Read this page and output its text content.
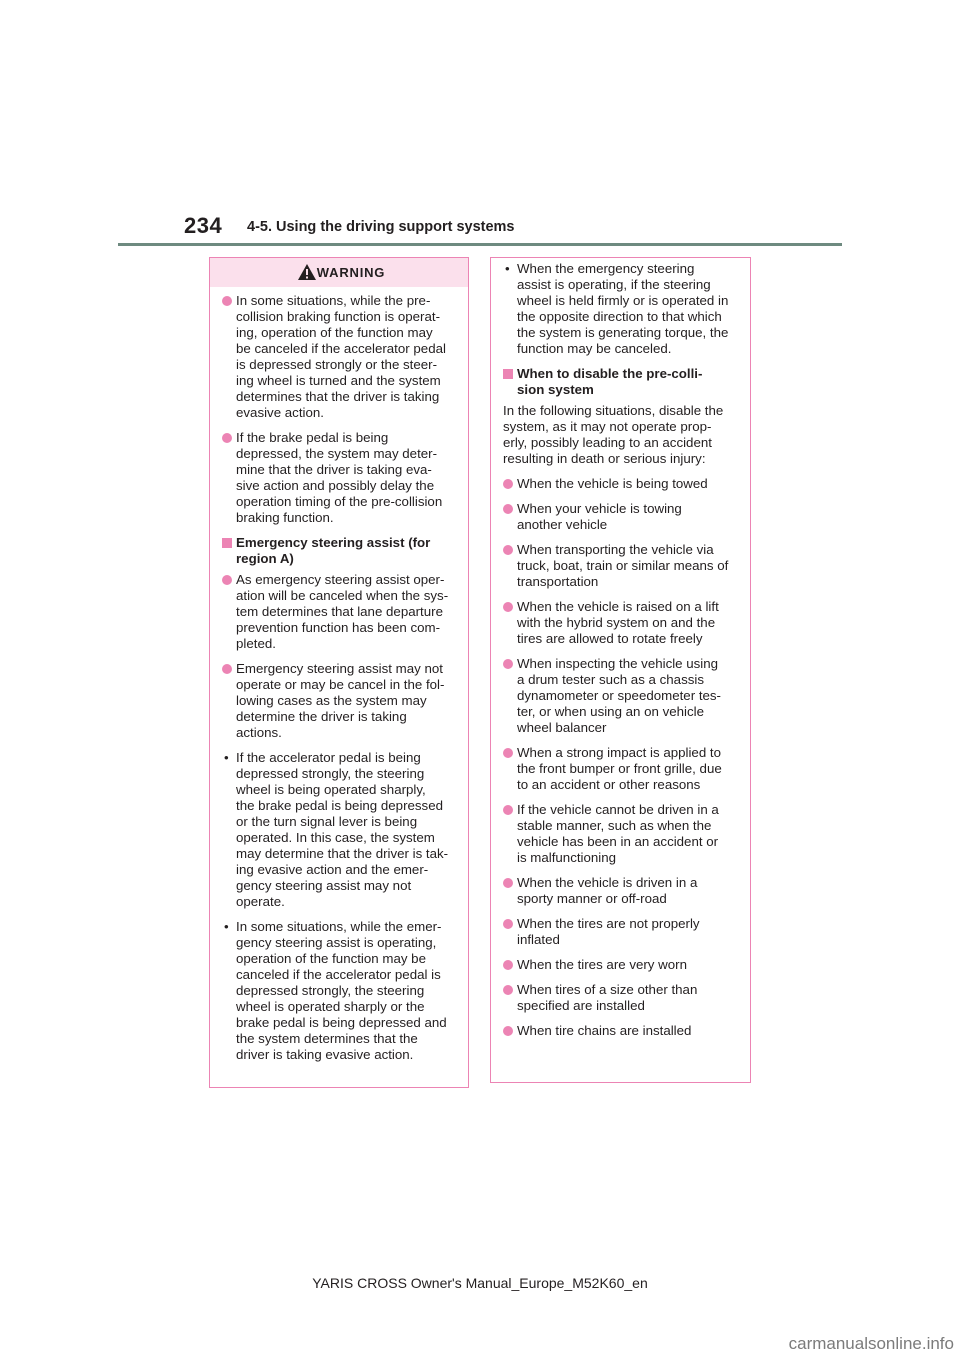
234 4-5. Using the driving support systems
WARNING
In some situations, while the pre-
collision braking function is operat-
ing, operation of the function may
be canceled if the accelerator pedal
is depressed strongly or the steer-
ing wheel is turned and the system
determines that the driver is taking
evasive action.
If the brake pedal is being
depressed, the system may deter-
mine that the driver is taking eva-
sive action and possibly delay the
operation timing of the pre-collision
braking function.
Emergency steering assist (for
region A)
As emergency steering assist oper-
ation will be canceled when the sys-
tem determines that lane departure
prevention function has been com-
pleted.
Emergency steering assist may not
operate or may be cancel in the fol-
lowing cases as the system may
determine the driver is taking
actions.
• If the accelerator pedal is being
depressed strongly, the steering
wheel is being operated sharply,
the brake pedal is being depressed
or the turn signal lever is being
operated. In this case, the system
may determine that the driver is tak-
ing evasive action and the emer-
gency steering assist may not
operate.
• In some situations, while the emer-
gency steering assist is operating,
operation of the function may be
canceled if the accelerator pedal is
depressed strongly, the steering
wheel is operated sharply or the
brake pedal is being depressed and
the system determines that the
driver is taking evasive action.
• When the emergency steering
assist is operating, if the steering
wheel is held firmly or is operated in
the opposite direction to that which
the system is generating torque, the
function may be canceled.
When to disable the pre-colli-
sion system
In the following situations, disable the
system, as it may not operate prop-
erly, possibly leading to an accident
resulting in death or serious injury:
When the vehicle is being towed
When your vehicle is towing
another vehicle
When transporting the vehicle via
truck, boat, train or similar means of
transportation
When the vehicle is raised on a lift
with the hybrid system on and the
tires are allowed to rotate freely
When inspecting the vehicle using
a drum tester such as a chassis
dynamometer or speedometer tes-
ter, or when using an on vehicle
wheel balancer
When a strong impact is applied to
the front bumper or front grille, due
to an accident or other reasons
If the vehicle cannot be driven in a
stable manner, such as when the
vehicle has been in an accident or
is malfunctioning
When the vehicle is driven in a
sporty manner or off-road
When the tires are not properly
inflated
When the tires are very worn
When tires of a size other than
specified are installed
When tire chains are installed
YARIS CROSS Owner's Manual_Europe_M52K60_en
carmanualsonline.info
